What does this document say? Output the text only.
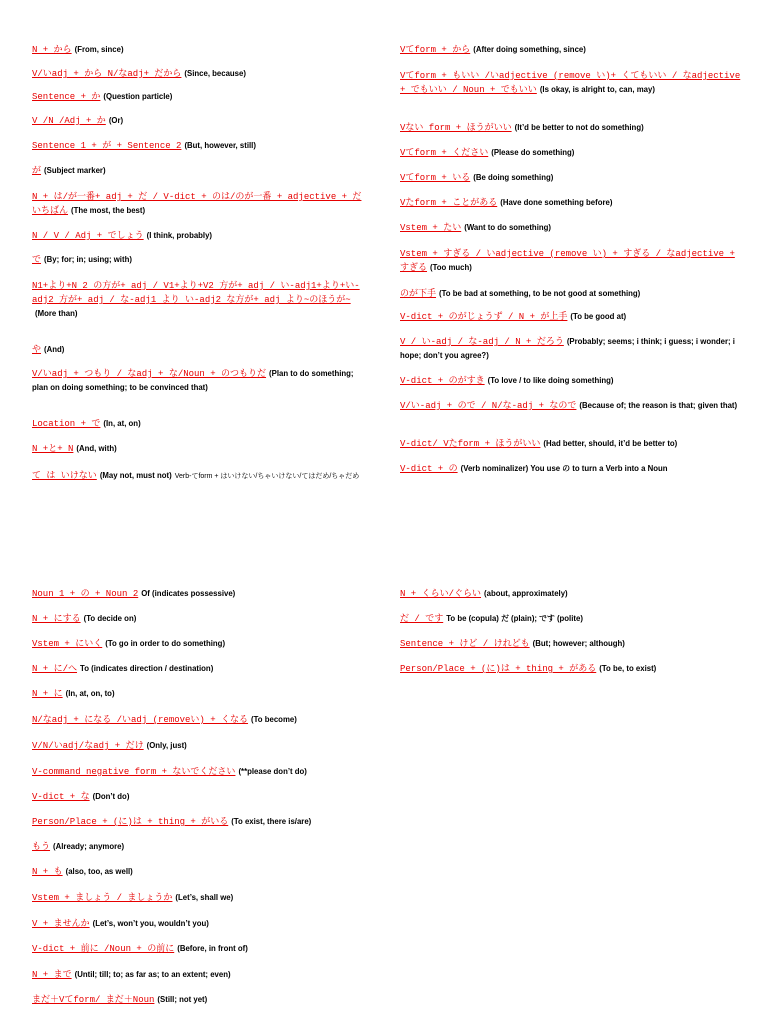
N + から (From, since)
V/いadj + から N/なadj+ だから (Since, because)
Sentence + か (Question particle)
V /N /Adj + か (Or)
Sentence 1 + が + Sentence 2 (But, however, still)
が (Subject marker)
N + は/が一番+ adj + だ / V-dict + のは/のが一番 + adjective + だいちばん (The most, the best)
N / V / Adj + でしょう (I think, probably)
で (By; for; in; using; with)
N1+より+N 2 の方が+ adj / V1+より+V2 方が+ adj / い-adj1+より+い-adj2 方が+ adj / な-adj1 より い-adj2 な方が+ adj より~のほうが~(More than)
や (And)
V/いadj + つもり / なadj + な/Noun + のつもりだ (Plan to do something; plan on doing something; to be convinced that)
Location + で (In, at, on)
N +と+ N (And, with)
て は いけない (May not, must not) Verb-てform + はいけない/ちゃいけない/てはだめ/ちゃだめ
Vてform + から (After doing something, since)
Vてform + もいい /いadjective (remove い)+ くてもいい / なadjective + でもいい / Noun + でもいい (Is okay, is alright to, can, may)
Vない form + ほうがいい (It’d be better to not do something)
Vてform + ください (Please do something)
Vてform + いる (Be doing something)
Vたform + ことがある (Have done something before)
Vstem + たい (Want to do something)
Vstem + すぎる / いadjective (remove い) + すぎる / なadjective + すぎる (Too much)
のが下手 (To be bad at something, to be not good at something)
V-dict + のがじょうず / N + が上手 (To be good at)
V / い-adj / な-adj / N + だろう (Probably; seems; i think; i guess; i wonder; i hope; don’t you agree?)
V-dict + のがすき (To love / to like doing something)
V/い-adj + ので / N/な-adj + なので (Because of; the reason is that; given that)
V-dict/ Vたform + ほうがいい (Had better, should, it’d be better to)
V-dict + の (Verb nominalizer) You use の to turn a Verb into a Noun
Noun 1 + の + Noun 2 Of (indicates possessive)
N + にする (To decide on)
Vstem + にいく (To go in order to do something)
N + に/へ To (indicates direction / destination)
N + に (In, at, on, to)
N/なadj + になる /いadj (removeい) + くなる (To become)
V/N/いadj/なadj + だけ (Only, just)
V-command negative form + ないでください (**please don’t do)
V-dict + な (Don’t do)
Person/Place + (に)は + thing + がいる (To exist, there is/are)
もう (Already; anymore)
N + も (also, too, as well)
Vstem + ましょう / ましょうか (Let’s, shall we)
V + ませんか (Let’s, won’t you, wouldn’t you)
V-dict + 前に /Noun + の前に (Before, in front of)
N + まで (Until; till; to; as far as; to an extent; even)
まだ＋Vてform/ まだ＋Noun (Still; not yet)
N + くらい/ぐらい (about, approximately)
だ / です To be (copula) だ (plain); です (polite)
Sentence + けど / けれども (But; however; although)
Person/Place + (に)は + thing + がある (To be, to exist)
